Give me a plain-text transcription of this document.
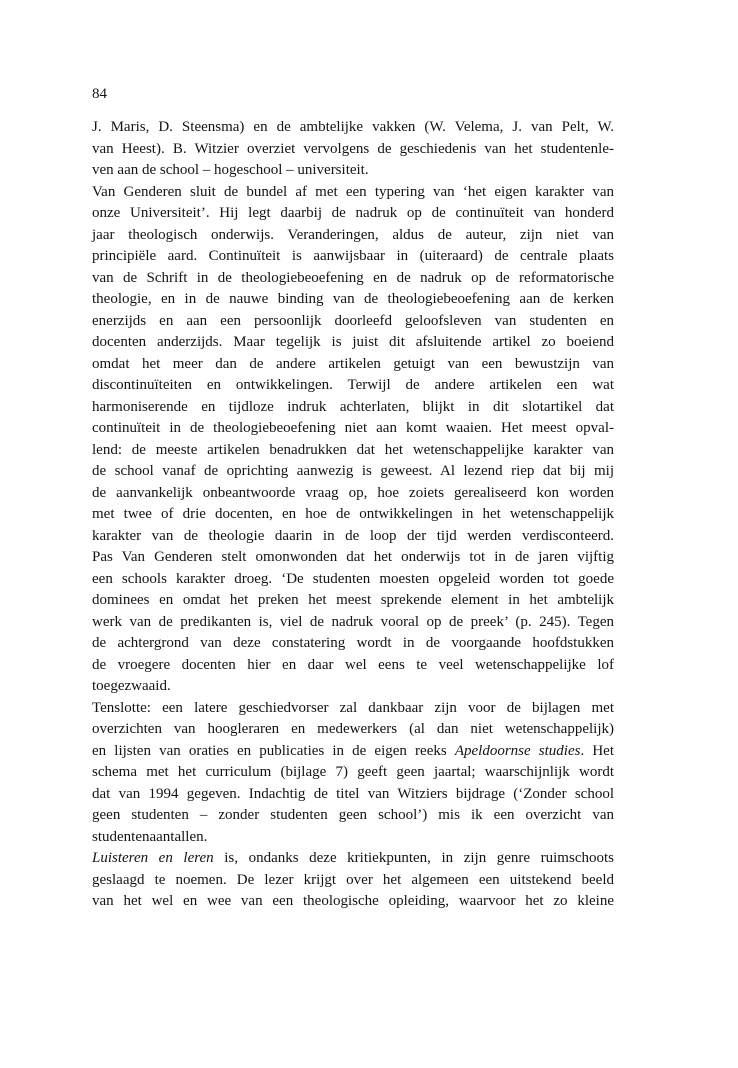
84
J. Maris, D. Steensma) en de ambtelijke vakken (W. Velema, J. van Pelt, W.
van Heest). B. Witzier overziet vervolgens de geschiedenis van het studentenle-
ven aan de school – hogeschool – universiteit.
Van Genderen sluit de bundel af met een typering van ‘het eigen karakter van
onze Universiteit’. Hij legt daarbij de nadruk op de continuïteit van honderd
jaar theologisch onderwijs. Veranderingen, aldus de auteur, zijn niet van
principiële aard. Continuïteit is aanwijsbaar in (uiteraard) de centrale plaats
van de Schrift in de theologiebeoefening en de nadruk op de reformatorische
theologie, en in de nauwe binding van de theologiebeoefening aan de kerken
enerzijds en aan een persoonlijk doorleefd geloofsleven van studenten en
docenten anderzijds. Maar tegelijk is juist dit afsluitende artikel zo boeiend
omdat het meer dan de andere artikelen getuigt van een bewustzijn van
discontinuïteiten en ontwikkelingen. Terwijl de andere artikelen een wat
harmoniserende en tijdloze indruk achterlaten, blijkt in dit slotartikel dat
continuïteit in de theologiebeoefening niet aan komt waaien. Het meest opval-
lend: de meeste artikelen benadrukken dat het wetenschappelijke karakter van
de school vanaf de oprichting aanwezig is geweest. Al lezend riep dat bij mij
de aanvankelijk onbeantwoorde vraag op, hoe zoiets gerealiseerd kon worden
met twee of drie docenten, en hoe de ontwikkelingen in het wetenschappelijk
karakter van de theologie daarin in de loop der tijd werden verdisconteerd.
Pas Van Genderen stelt omonwonden dat het onderwijs tot in de jaren vijftig
een schools karakter droeg. ‘De studenten moesten opgeleid worden tot goede
dominees en omdat het preken het meest sprekende element in het ambtelijk
werk van de predikanten is, viel de nadruk vooral op de preek’ (p. 245). Tegen
de achtergrond van deze constatering wordt in de voorgaande hoofdstukken
de vroegere docenten hier en daar wel eens te veel wetenschappelijke lof
toegezwaaid.
Tenslotte: een latere geschiedvorser zal dankbaar zijn voor de bijlagen met
overzichten van hoogleraren en medewerkers (al dan niet wetenschappelijk)
en lijsten van oraties en publicaties in de eigen reeks Apeldoornse studies. Het
schema met het curriculum (bijlage 7) geeft geen jaartal; waarschijnlijk wordt
dat van 1994 gegeven. Indachtig de titel van Witziers bijdrage (‘Zonder school
geen studenten – zonder studenten geen school’) mis ik een overzicht van
studentenaantallen.
Luisteren en leren is, ondanks deze kritiekpunten, in zijn genre ruimschoots
geslaagd te noemen. De lezer krijgt over het algemeen een uitstekend beeld
van het wel en wee van een theologische opleiding, waarvoor het zo kleine
